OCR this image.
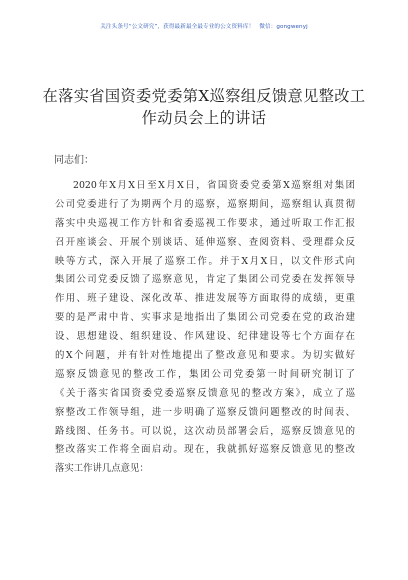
关注头条号“公文研究”，获得最新最全最专业的公文资料库！ 微信：gongwenyj
在落实省国资委党委第X巡察组反馈意见整改工
作动员会上的讲话
同志们：
2020年X月X日至X月X日，省国资委党委第X巡察组对集团
公司党委进行了为期两个月的巡察，巡察期间，巡察组认真贯彻
落实中央巡视工作方针和省委巡视工作要求，通过听取工作汇报
召开座谈会、开展个别谈话、延伸巡察、查阅资料、受理群众反
映等方式，深入开展了巡察工作。并于X月X日，以文件形式向
集团公司党委反馈了巡察意见，肯定了集团公司党委在发挥领导
作用、班子建设、深化改革、推进发展等方面取得的成绩，更重
要的是严肃中肯、实事求是地指出了集团公司党委在党的政治建
设、思想建设、组织建设、作风建设、纪律建设等七个方面存在
的X个问题，并有针对性地提出了整改意见和要求。为切实做好
巡察反馈意见的整改工作，集团公司党委第一时间研究制订了
《关于落实省国资委党委巡察反馈意见的整改方案》，成立了巡
察整改工作领导组，进一步明确了巡察反馈问题整改的时间表、
路线图、任务书。可以说，这次动员部署会后，巡察反馈意见的
整改落实工作将全面启动。现在，我就抓好巡察反馈意见的整改
落实工作讲几点意见：
